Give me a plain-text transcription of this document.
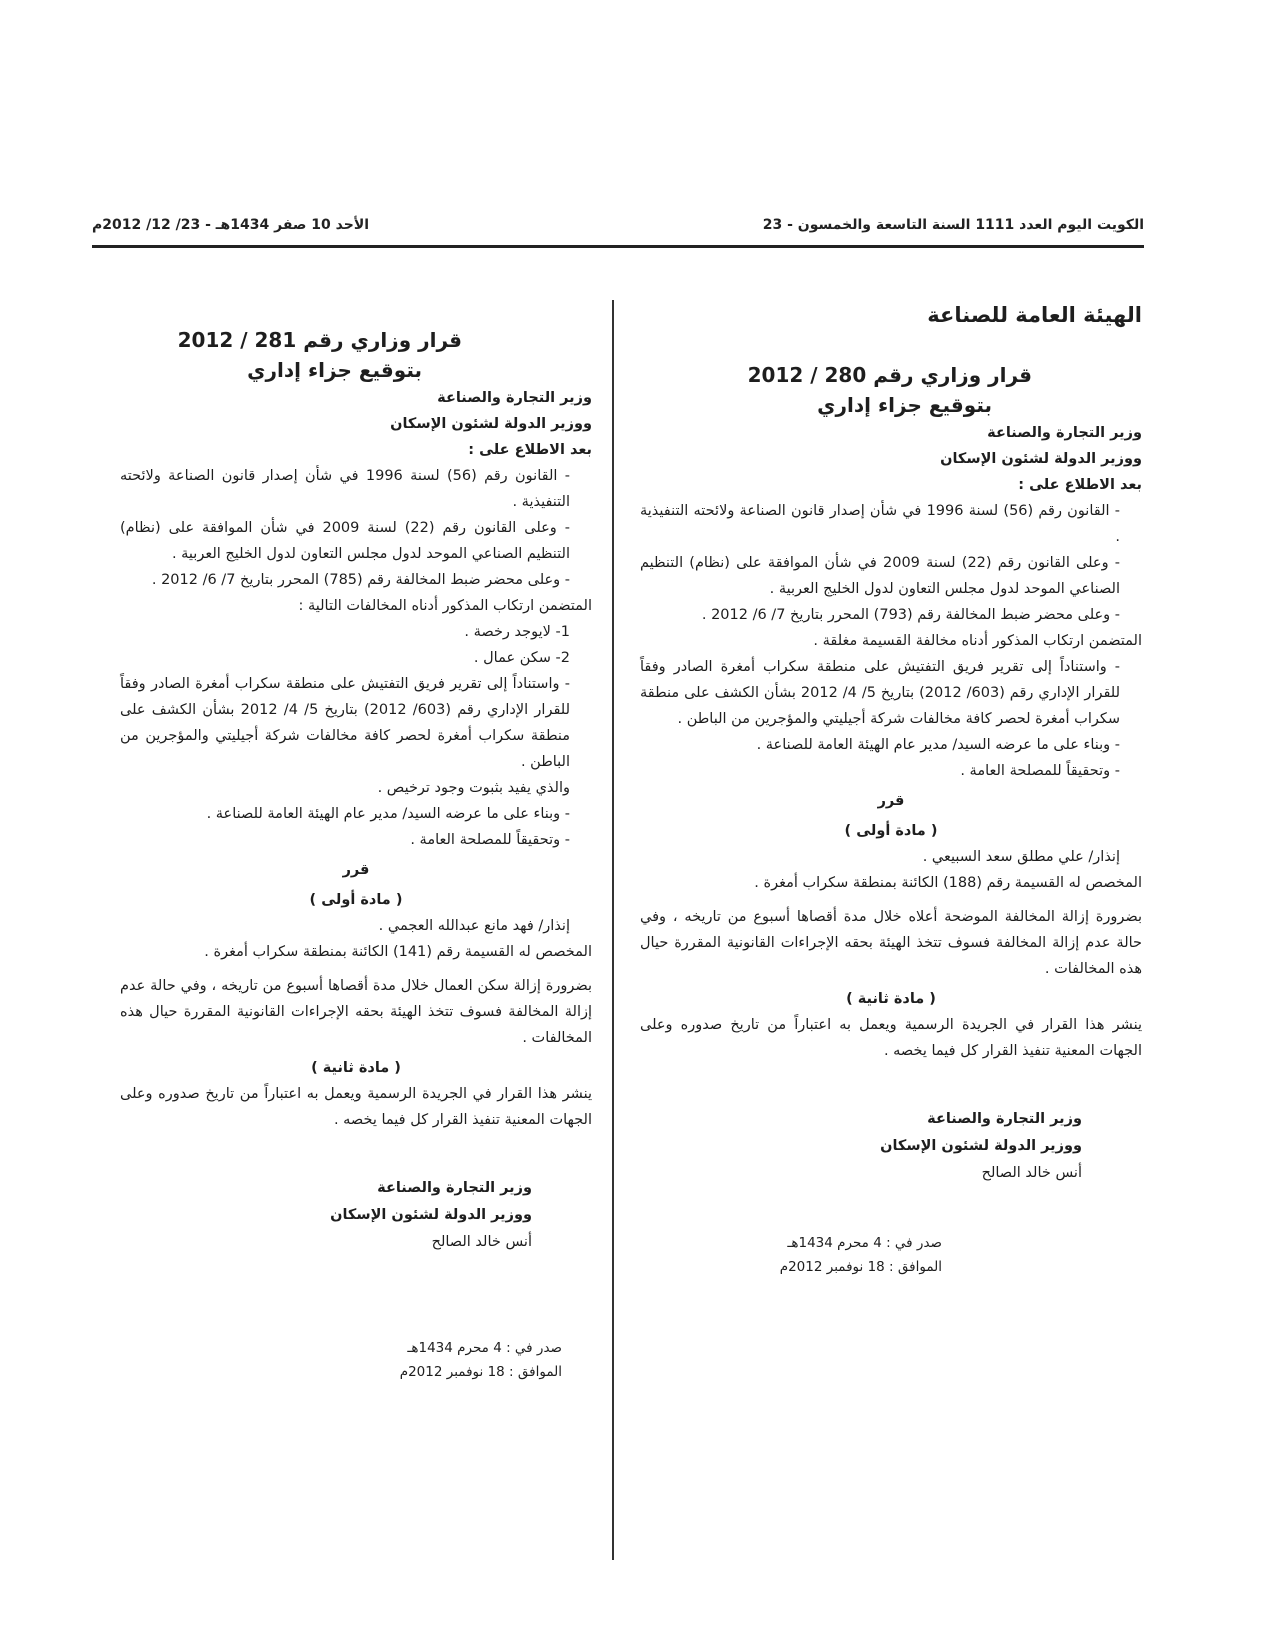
الكويت اليوم العدد 1111 السنة التاسعة والخمسون - 23
الأحد 10 صفر 1434هـ - 23/ 12/ 2012م

الهيئة العامة للصناعة

قرار وزاري رقم 280 / 2012

بتوقيع جزاء إداري

وزير التجارة والصناعة

ووزير الدولة لشئون الإسكان

بعد الاطلاع على :

- القانون رقم (56) لسنة 1996 في شأن إصدار قانون الصناعة ولائحته التنفيذية .

- وعلى القانون رقم (22) لسنة 2009 في شأن الموافقة على (نظام) التنظيم الصناعي الموحد لدول مجلس التعاون لدول الخليج العربية .

- وعلى محضر ضبط المخالفة رقم (793) المحرر بتاريخ 7/ 6/ 2012 .

المتضمن ارتكاب المذكور أدناه مخالفة القسيمة مغلقة .

- واستناداً إلى تقرير فريق التفتيش على منطقة سكراب أمغرة الصادر وفقاً للقرار الإداري رقم (603/ 2012) بتاريخ 5/ 4/ 2012 بشأن الكشف على منطقة سكراب أمغرة لحصر كافة مخالفات شركة أجيليتي والمؤجرين من الباطن .

- وبناء على ما عرضه السيد/ مدير عام الهيئة العامة للصناعة .

- وتحقيقاً للمصلحة العامة .

قرر

( مادة أولى )

إنذار/ علي مطلق سعد السبيعي .

المخصص له القسيمة رقم (188) الكائنة بمنطقة سكراب أمغرة .

بضرورة إزالة المخالفة الموضحة أعلاه خلال مدة أقصاها أسبوع من تاريخه ، وفي حالة عدم إزالة المخالفة فسوف تتخذ الهيئة بحقه الإجراءات القانونية المقررة حيال هذه المخالفات .

( مادة ثانية )

ينشر هذا القرار في الجريدة الرسمية ويعمل به اعتباراً من تاريخ صدوره وعلى الجهات المعنية تنفيذ القرار كل فيما يخصه .

وزير التجارة والصناعة
ووزير الدولة لشئون الإسكان
أنس خالد الصالح
صدر في : 4 محرم 1434هـ
الموافق : 18 نوفمبر 2012م

قرار وزاري رقم 281 / 2012

بتوقيع جزاء إداري

وزير التجارة والصناعة

ووزير الدولة لشئون الإسكان

بعد الاطلاع على :

- القانون رقم (56) لسنة 1996 في شأن إصدار قانون الصناعة ولائحته التنفيذية .

- وعلى القانون رقم (22) لسنة 2009 في شأن الموافقة على (نظام) التنظيم الصناعي الموحد لدول مجلس التعاون لدول الخليج العربية .

- وعلى محضر ضبط المخالفة رقم (785) المحرر بتاريخ 7/ 6/ 2012 .

المتضمن ارتكاب المذكور أدناه المخالفات التالية :

1- لايوجد رخصة .

2- سكن عمال .

- واستناداً إلى تقرير فريق التفتيش على منطقة سكراب أمغرة الصادر وفقاً للقرار الإداري رقم (603/ 2012) بتاريخ 5/ 4/ 2012 بشأن الكشف على منطقة سكراب أمغرة لحصر كافة مخالفات شركة أجيليتي والمؤجرين من الباطن .

والذي يفيد بثبوت وجود ترخيص .

- وبناء على ما عرضه السيد/ مدير عام الهيئة العامة للصناعة .

- وتحقيقاً للمصلحة العامة .

قرر

( مادة أولى )

إنذار/ فهد مانع عبدالله العجمي .

المخصص له القسيمة رقم (141) الكائنة بمنطقة سكراب أمغرة .

بضرورة إزالة سكن العمال خلال مدة أقصاها أسبوع من تاريخه ، وفي حالة عدم إزالة المخالفة فسوف تتخذ الهيئة بحقه الإجراءات القانونية المقررة حيال هذه المخالفات .

( مادة ثانية )

ينشر هذا القرار في الجريدة الرسمية ويعمل به اعتباراً من تاريخ صدوره وعلى الجهات المعنية تنفيذ القرار كل فيما يخصه .

وزير التجارة والصناعة
ووزير الدولة لشئون الإسكان
أنس خالد الصالح
صدر في : 4 محرم 1434هـ
الموافق : 18 نوفمبر 2012م
